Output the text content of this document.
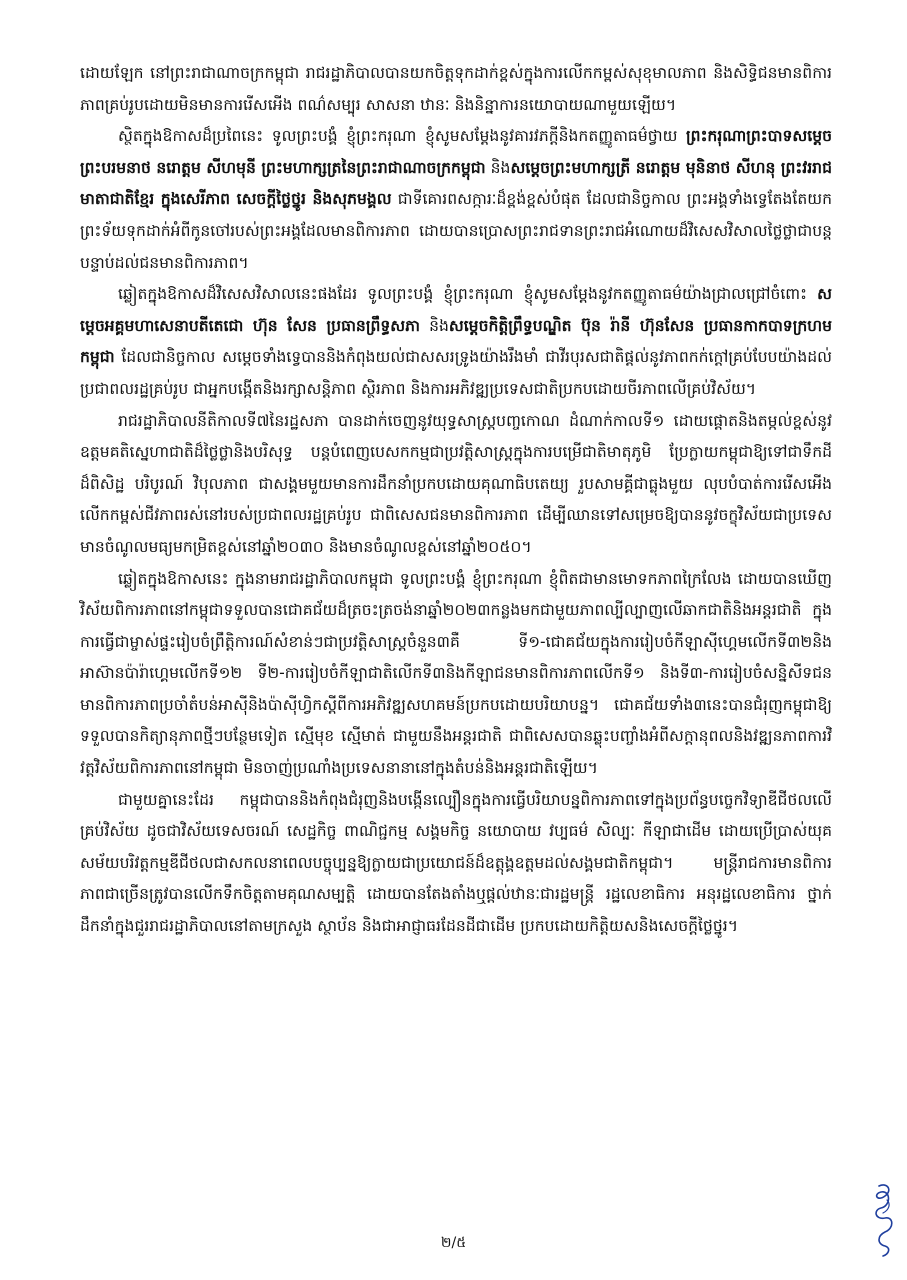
ដោយឡែក នៅព្រះរាជាណាចក្រកម្ពុជា រាជរដ្ឋាភិបាលបានយកចិត្តទុកដាក់ខ្ពស់ក្នុងការលើកកម្ពស់សុខុមាលភាព និងសិទ្ធិជនមានពិការភាពគ្រប់រូបដោយមិនមានការរើសអើង ពណ៌សម្បុរ សាសនា ឋានៈ និងនិន្នាការនយោបាយណាមួយឡើយ។

ស្ថិតក្នុងឱកាសដ៏ប្រពៃនេះ ទូលព្រះបង្គំ ខ្ញុំព្រះករុណា ខ្ញុំសូមសម្តែងនូវគារវភក្តីនិងកតញ្ញូតាធម៌ថ្វាយ ព្រះករុណាព្រះបាទសម្តេចព្រះបរមនាថ នរោត្តម សីហមុនី ព្រះមហាក្សត្រនៃព្រះរាជាណាចក្រកម្ពុជា និងសម្តេចព្រះមហាក្សត្រី នរោត្តម មុនិនាថ សីហនុ ព្រះវររាជមាតាជាតិខ្មែរ ក្នុងសេរីភាព សេចក្តីថ្លៃថ្នូរ និងសុភមង្គល ជាទីគោរពសក្ការៈដ៏ខ្ពង់ខ្ពស់បំផុត ដែលជានិច្ចកាល ព្រះអង្គទាំងទ្វេតែងតែយកព្រះទ័យទុកដាក់អំពីកូនចៅរបស់ព្រះអង្គដែលមានពិការភាព ដោយបានប្រោសព្រះរាជទានព្រះរាជអំណោយដ៏វិសេសវិសាលថ្លៃថ្លាជាបន្តបន្ទាប់ដល់ជនមានពិការភាព។

ឆ្លៀតក្នុងឱកាសដ៏វិសេសវិសាលនេះផងដែរ ទូលព្រះបង្គំ ខ្ញុំព្រះករុណា ខ្ញុំសូមសម្តែងនូវកតញ្ញូតាធម៌យ៉ាងជ្រាលជ្រៅចំពោះ សម្តេចអគ្គមហាសេនាបតីតេជោ ហ៊ុន សែន ប្រធានព្រឹទ្ធសភា និងសម្តេចកិត្តិព្រឹទ្ធបណ្ឌិត ប៊ុន រ៉ានី ហ៊ុនសែន ប្រធានកាកបាទក្រហមកម្ពុជា ដែលជានិច្ចកាល សម្តេចទាំងទ្វេបាននិងកំពុងយល់ជាសសរទ្រូងយ៉ាងរឹងមាំ ជាវីរបុរសជាតិផ្តល់នូវភាពកក់ក្តៅគ្រប់បែបយ៉ាងដល់ប្រជាពលរដ្ឋគ្រប់រូប ជាអ្នកបង្កើតនិងរក្សាសន្តិភាព ស្ថិរភាព និងការអភិវឌ្ឍប្រទេសជាតិប្រកបដោយចីរភាពលើគ្រប់វិស័យ។

រាជរដ្ឋាភិបាលនីតិកាលទី៧នៃរដ្ឋសភា បានដាក់ចេញនូវយុទ្ធសាស្ត្របញ្ចកោណ ដំណាក់កាលទី១ ដោយផ្តោតនិងតម្កល់ខ្ពស់នូវឧត្តមគតិស្នេហាជាតិដ៏ថ្លៃថ្លានិងបរិសុទ្ធ បន្តបំពេញបេសកកម្មជាប្រវត្តិសាស្ត្រក្នុងការបម្រើជាតិមាតុភូមិ ប្រែក្លាយកម្ពុជាឱ្យទៅជាទឹកដីដ៏ពិសិដ្ឋ បរិបូរណ៍ វិបុលភាព ជាសង្គមមួយមានការដឹកនាំប្រកបដោយគុណាធិបតេយ្យ រួបសាមគ្គីជាធ្លុងមួយ លុបបំបាត់ការរើសអើង លើកកម្ពស់ជីវភាពរស់នៅរបស់ប្រជាពលរដ្ឋគ្រប់រូប ជាពិសេសជនមានពិការភាព ដើម្បីឈានទៅសម្រេចឱ្យបាននូវចក្ខុវិស័យជាប្រទេសមានចំណូលមធ្យមកម្រិតខ្ពស់នៅឆ្នាំ២០៣០ និងមានចំណូលខ្ពស់នៅឆ្នាំ២០៥០។

ឆ្លៀតក្នុងឱកាសនេះ ក្នុងនាមរាជរដ្ឋាភិបាលកម្ពុជា ទូលព្រះបង្គំ ខ្ញុំព្រះករុណា ខ្ញុំពិតជាមានមោទកភាពក្រៃលែង ដោយបានឃើញវិស័យពិការភាពនៅកម្ពុជាទទួលបានជោគជ័យដ៏ត្រចះត្រចង់នាឆ្នាំ២០២៣កន្លងមកជាមួយភាពល្បីល្បាញលើឆាកជាតិនិងអន្តរជាតិ ក្នុងការធ្វើជាម្ចាស់ផ្ទះរៀបចំព្រឹត្តិការណ៍សំខាន់ៗជាប្រវត្តិសាស្ត្រចំនួន៣គឺ ទី១-ជោគជ័យក្នុងការរៀបចំកីឡាស៊ីហ្គេមលើកទី៣២និងអាស៊ានប៉ារ៉ាហ្គេមលើកទី១២ ទី២-ការរៀបចំកីឡាជាតិលើកទី៣និងកីឡាជនមានពិការភាពលើកទី១ និងទី៣-ការរៀបចំសន្និសីទជនមានពិការភាពប្រចាំតំបន់អាស៊ីនិងប៉ាស៊ីហ្វិកស្តីពីការអភិវឌ្ឍសហគមន៍ប្រកបដោយបរិយាបន្ន។ ជោគជ័យទាំង៣នេះបានជំរុញកម្ពុជាឱ្យទទួលបានកិត្យានុភាពថ្មីៗបន្ថែមទៀត ស្មើមុខ ស្មើមាត់ ជាមួយនឹងអន្តរជាតិ ជាពិសេសបានឆ្លុះបញ្ចាំងអំពីសក្តានុពលនិងវឌ្ឍនភាពការវិវត្តវិស័យពិការភាពនៅកម្ពុជា មិនចាញ់ប្រណាំងប្រទេសនានានៅក្នុងតំបន់និងអន្តរជាតិឡើយ។

ជាមួយគ្នានេះដែរ កម្ពុជាបាននិងកំពុងជំរុញនិងបង្កើនល្បឿនក្នុងការធ្វើបរិយាបន្នពិការភាពទៅក្នុងប្រព័ន្ធបច្ចេកវិទ្យាឌីជីថលលើគ្រប់វិស័យ ដូចជាវិស័យទេសចរណ៍ សេដ្ឋកិច្ច ពាណិជ្ជកម្ម សង្គមកិច្ច នយោបាយ វប្បធម៌ សិល្បៈ កីឡាជាដើម ដោយប្រើប្រាស់យុគសម័យបរិវត្តកម្មឌីជីថលជាសកលនាពេលបច្ចុប្បន្នឱ្យក្លាយជាប្រយោជន៍ដ៏ឧត្តុង្គឧត្តមដល់សង្គមជាតិកម្ពុជា។ មន្ត្រីរាជការមានពិការភាពជាច្រើនត្រូវបានលើកទឹកចិត្តតាមគុណសម្បត្តិ ដោយបានតែងតាំងឬផ្តល់ឋានៈជារដ្ឋមន្ត្រី រដ្ឋលេខាធិការ អនុរដ្ឋលេខាធិការ ថ្នាក់ដឹកនាំក្នុងជួររាជរដ្ឋាភិបាលនៅតាមក្រសួង ស្ថាប័ន និងជាអាជ្ញាធរដែនដីជាដើម ប្រកបដោយកិត្តិយសនិងសេចក្តីថ្លៃថ្នូរ។

២/៥
